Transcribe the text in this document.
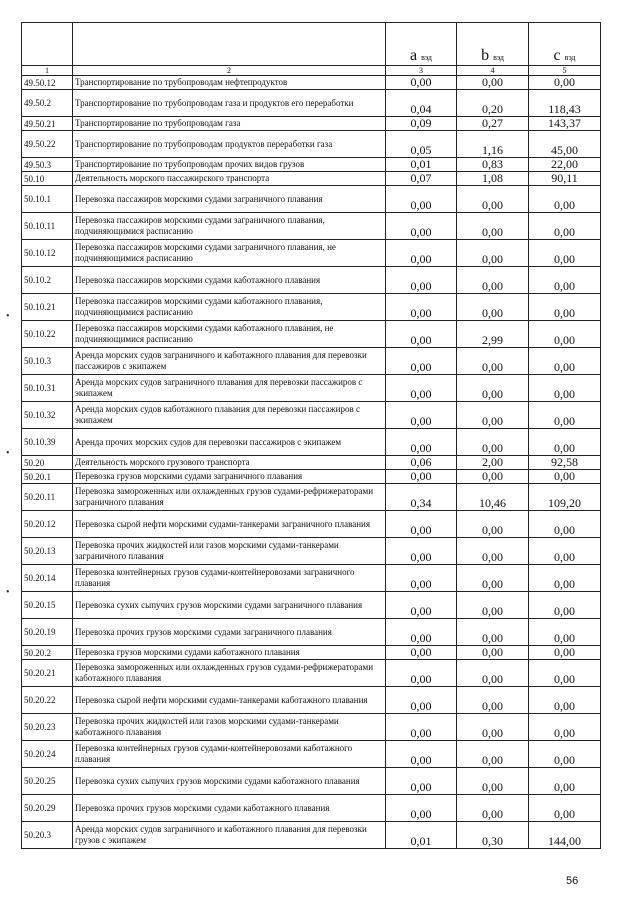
		a вэд	b вэд	c вэд
1	2	3	4	5
49.50.12	Транспортирование по трубопроводам нефтепродуктов	0,00	0,00	0,00
49.50.2	Транспортирование по трубопроводам газа и продуктов его переработки	0,04	0,20	118,43
49.50.21	Транспортирование по трубопроводам газа	0,09	0,27	143,37
49.50.22	Транспортирование по трубопроводам продуктов переработки газа	0,05	1,16	45,00
49.50.3	Транспортирование по трубопроводам прочих видов грузов	0,01	0,83	22,00
50.10	Деятельность морского пассажирского транспорта	0,07	1,08	90,11
50.10.1	Перевозка пассажиров морскими судами заграничного плавания	0,00	0,00	0,00
50.10.11	Перевозка пассажиров морскими судами заграничного плавания, подчиняющимися расписанию	0,00	0,00	0,00
50.10.12	Перевозка пассажиров морскими судами заграничного плавания, не подчиняющимися расписанию	0,00	0,00	0,00
50.10.2	Перевозка пассажиров морскими судами каботажного плавания	0,00	0,00	0,00
50.10.21	Перевозка пассажиров морскими судами каботажного плавания, подчиняющимися расписанию	0,00	0,00	0,00
50.10.22	Перевозка пассажиров морскими судами каботажного плавания, не подчиняющимися расписанию	0,00	2,99	0,00
50.10.3	Аренда морских судов заграничного и каботажного плавания для перевозки пассажиров с экипажем	0,00	0,00	0,00
50.10.31	Аренда морских судов заграничного плавания для перевозки пассажиров с экипажем	0,00	0,00	0,00
50.10.32	Аренда морских судов каботажного плавания для перевозки пассажиров с экипажем	0,00	0,00	0,00
50.10.39	Аренда прочих морских судов для перевозки пассажиров с экипажем	0,00	0,00	0,00
50.20	Деятельность морского грузового транспорта	0,06	2,00	92,58
50.20.1	Перевозка грузов морскими судами заграничного плавания	0,00	0,00	0,00
50.20.11	Перевозка замороженных или охлажденных грузов судами-рефрижераторами заграничного плавания	0,34	10,46	109,20
50.20.12	Перевозка сырой нефти морскими судами-танкерами заграничного плавания	0,00	0,00	0,00
50.20.13	Перевозка прочих жидкостей или газов морскими судами-танкерами заграничного плавания	0,00	0,00	0,00
50.20.14	Перевозка контейнерных грузов судами-контейнеровозами заграничного плавания	0,00	0,00	0,00
50.20.15	Перевозка сухих сыпучих грузов морскими судами заграничного плавания	0,00	0,00	0,00
50.20.19	Перевозка прочих грузов морскими судами заграничного плавания	0,00	0,00	0,00
50.20.2	Перевозка грузов морскими судами каботажного плавания	0,00	0,00	0,00
50.20.21	Перевозка замороженных или охлажденных грузов судами-рефрижераторами каботажного плавания	0,00	0,00	0,00
50.20.22	Перевозка сырой нефти морскими судами-танкерами каботажного плавания	0,00	0,00	0,00
50.20.23	Перевозка прочих жидкостей или газов морскими судами-танкерами каботажного плавания	0,00	0,00	0,00
50.20.24	Перевозка контейнерных грузов судами-контейнеровозами каботажного плавания	0,00	0,00	0,00
50.20.25	Перевозка сухих сыпучих грузов морскими судами каботажного плавания	0,00	0,00	0,00
50.20.29	Перевозка прочих грузов морскими судами каботажного плавания	0,00	0,00	0,00
50.20.3	Аренда морских судов заграничного и каботажного плавания для перевозки грузов с экипажем	0,01	0,30	144,00
56
•
•
•
